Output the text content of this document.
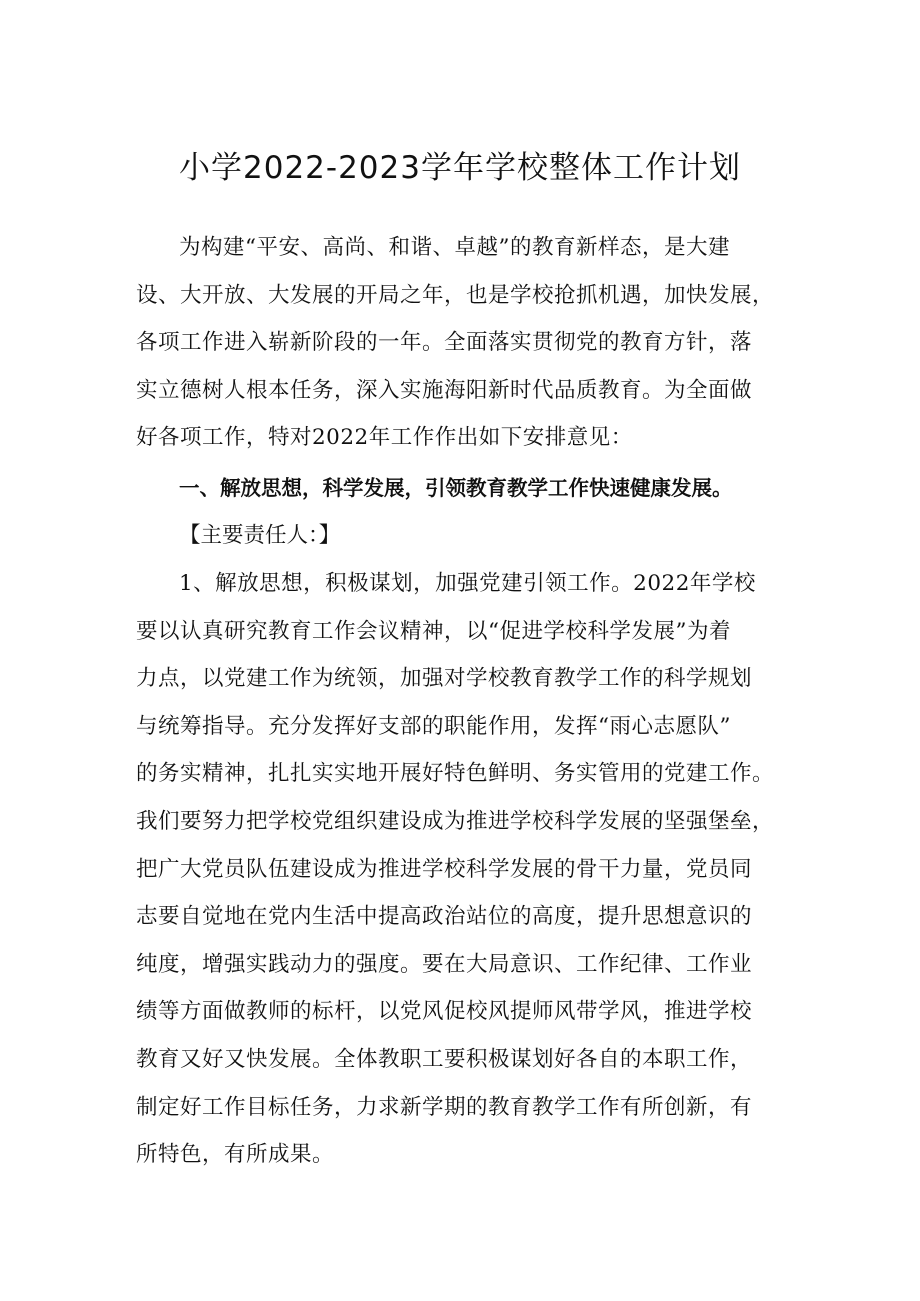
小学2022-2023学年学校整体工作计划
为构建“平安、高尚、和谐、卓越”的教育新样态，是大建
设、大开放、大发展的开局之年，也是学校抢抓机遇，加快发展，
各项工作进入崭新阶段的一年。全面落实贯彻党的教育方针，落
实立德树人根本任务，深入实施海阳新时代品质教育。为全面做
好各项工作，特对2022年工作作出如下安排意见：
一、解放思想，科学发展，引领教育教学工作快速健康发展。
【主要责任人：】
1、解放思想，积极谋划，加强党建引领工作。2022年学校
要以认真研究教育工作会议精神，以“促进学校科学发展”为着
力点，以党建工作为统领，加强对学校教育教学工作的科学规划
与统筹指导。充分发挥好支部的职能作用，发挥“雨心志愿队”
的务实精神，扎扎实实地开展好特色鲜明、务实管用的党建工作。
我们要努力把学校党组织建设成为推进学校科学发展的坚强堡垒，
把广大党员队伍建设成为推进学校科学发展的骨干力量，党员同
志要自觉地在党内生活中提高政治站位的高度，提升思想意识的
纯度，增强实践动力的强度。要在大局意识、工作纪律、工作业
绩等方面做教师的标杆，以党风促校风提师风带学风，推进学校
教育又好又快发展。全体教职工要积极谋划好各自的本职工作，
制定好工作目标任务，力求新学期的教育教学工作有所创新，有
所特色，有所成果。
